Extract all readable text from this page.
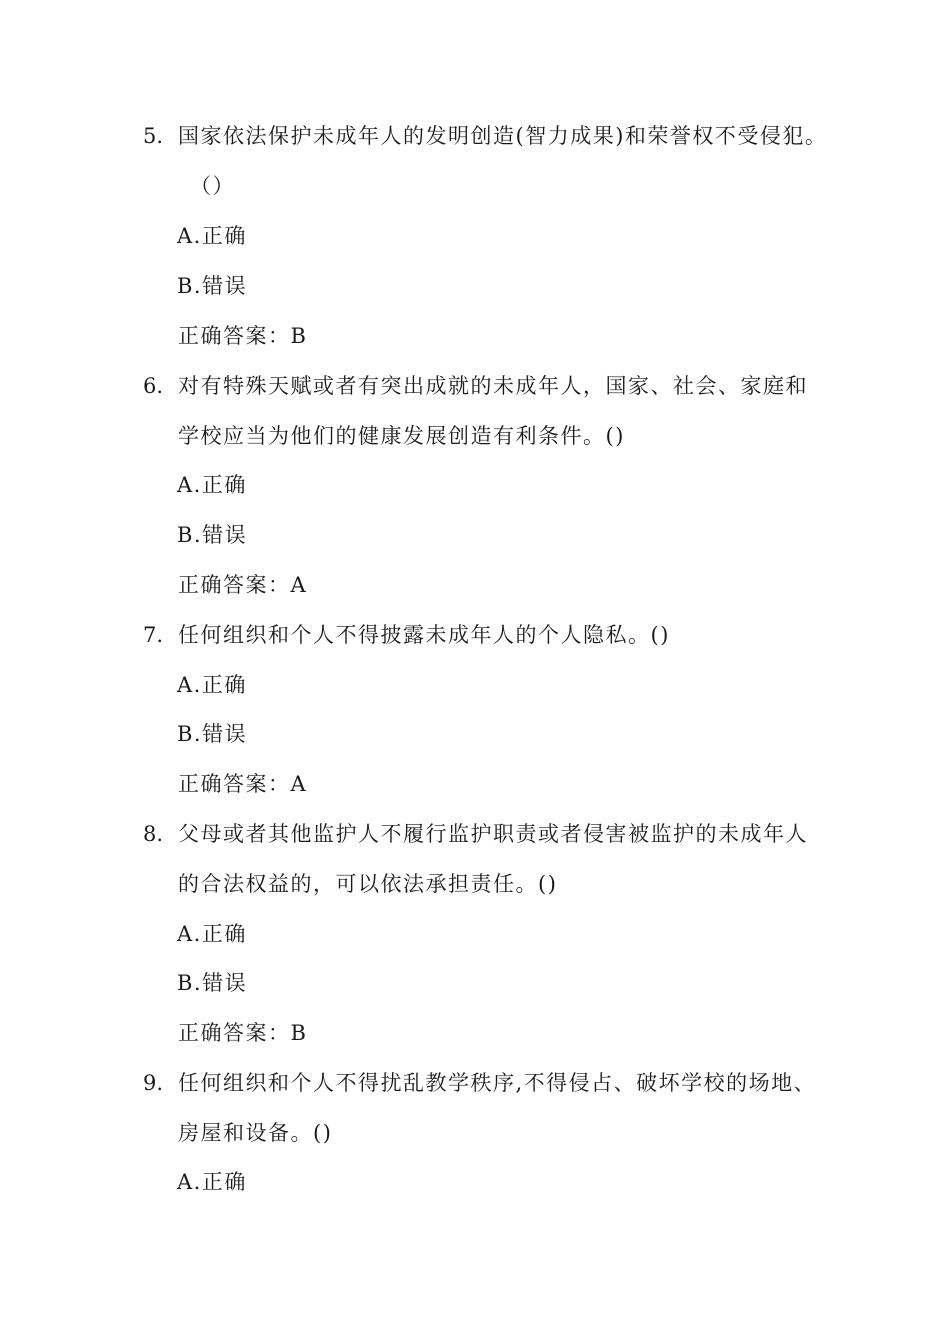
5. 国家依法保护未成年人的发明创造(智力成果)和荣誉权不受侵犯。
（）
A.正确
B.错误
正确答案：B
6. 对有特殊天赋或者有突出成就的未成年人，国家、社会、家庭和
学校应当为他们的健康发展创造有利条件。()
A.正确
B.错误
正确答案：A
7. 任何组织和个人不得披露未成年人的个人隐私。()
A.正确
B.错误
正确答案：A
8. 父母或者其他监护人不履行监护职责或者侵害被监护的未成年人
的合法权益的，可以依法承担责任。()
A.正确
B.错误
正确答案：B
9. 任何组织和个人不得扰乱教学秩序,不得侵占、破坏学校的场地、
房屋和设备。()
A.正确
